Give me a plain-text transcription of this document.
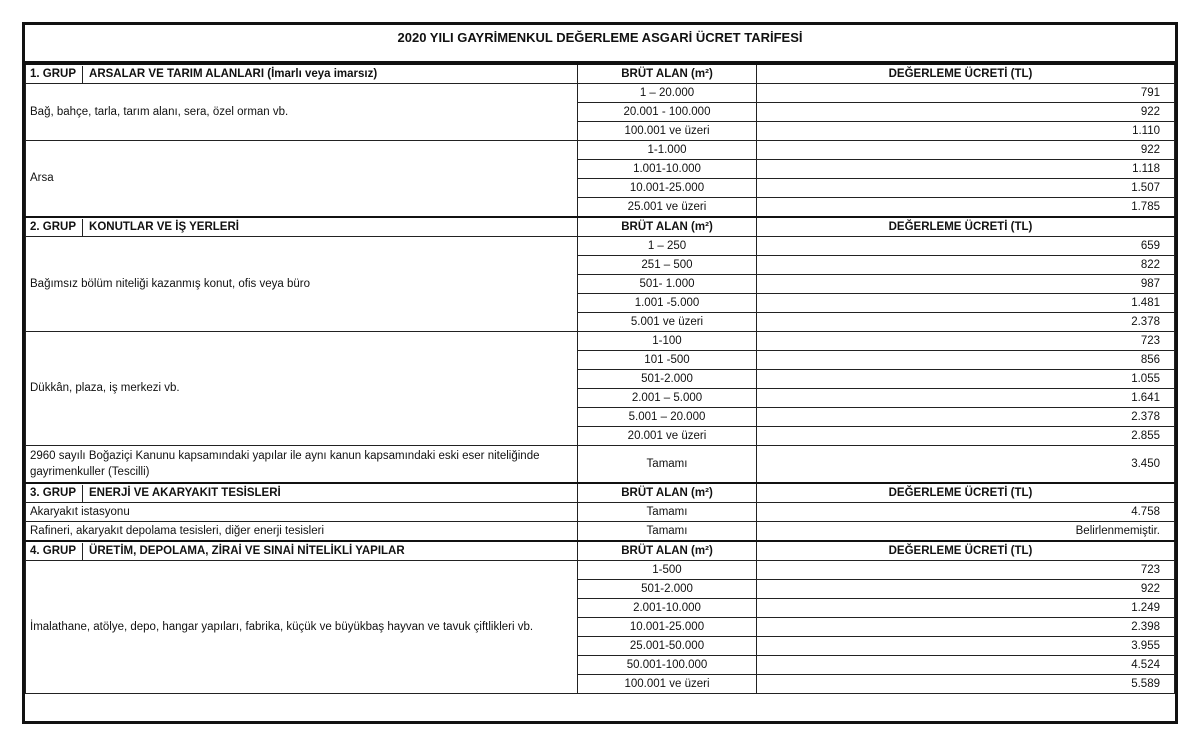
2020 YILI GAYRİMENKUL DEĞERLEME ASGARİ ÜCRET TARİFESİ
1. GRUP ARSALAR VE TARIM ALANLARI (İmarlı veya imarsız)	BRÜT ALAN (m²)	DEĞERLEME ÜCRETİ (TL)
Bağ, bahçe, tarla, tarım alanı, sera, özel orman vb.	1 – 20.000	791
	20.001 - 100.000	922
	100.001 ve üzeri	1.110
Arsa	1-1.000	922
	1.001-10.000	1.118
	10.001-25.000	1.507
	25.001 ve üzeri	1.785
2. GRUP KONUTLAR VE İŞ YERLERİ	BRÜT ALAN (m²)	DEĞERLEME ÜCRETİ (TL)
Bağımsız bölüm niteliği kazanmış konut, ofis veya büro	1 – 250	659
	251 – 500	822
	501- 1.000	987
	1.001 -5.000	1.481
	5.001 ve üzeri	2.378
Dükkân, plaza, iş merkezi vb.	1-100	723
	101 -500	856
	501-2.000	1.055
	2.001 – 5.000	1.641
	5.001 – 20.000	2.378
	20.001 ve üzeri	2.855
2960 sayılı Boğaziçi Kanunu kapsamındaki yapılar ile aynı kanun kapsamındaki eski eser niteliğinde gayrimenkuller (Tescilli)	Tamamı	3.450
3. GRUP ENERJİ VE AKARYAKIT TESİSLERİ	BRÜT ALAN (m²)	DEĞERLEME ÜCRETİ (TL)
Akaryakıt istasyonu	Tamamı	4.758
Rafineri, akaryakıt depolama tesisleri, diğer enerji tesisleri	Tamamı	Belirlenmemiştir.
4. GRUP ÜRETİM, DEPOLAMA, ZİRAİ VE SINAİ NİTELİKLİ YAPILAR	BRÜT ALAN (m²)	DEĞERLEME ÜCRETİ (TL)
İmalathane, atölye, depo, hangar yapıları, fabrika, küçük ve büyükbaş hayvan ve tavuk çiftlikleri vb.	1-500	723
	501-2.000	922
	2.001-10.000	1.249
	10.001-25.000	2.398
	25.001-50.000	3.955
	50.001-100.000	4.524
	100.001 ve üzeri	5.589
